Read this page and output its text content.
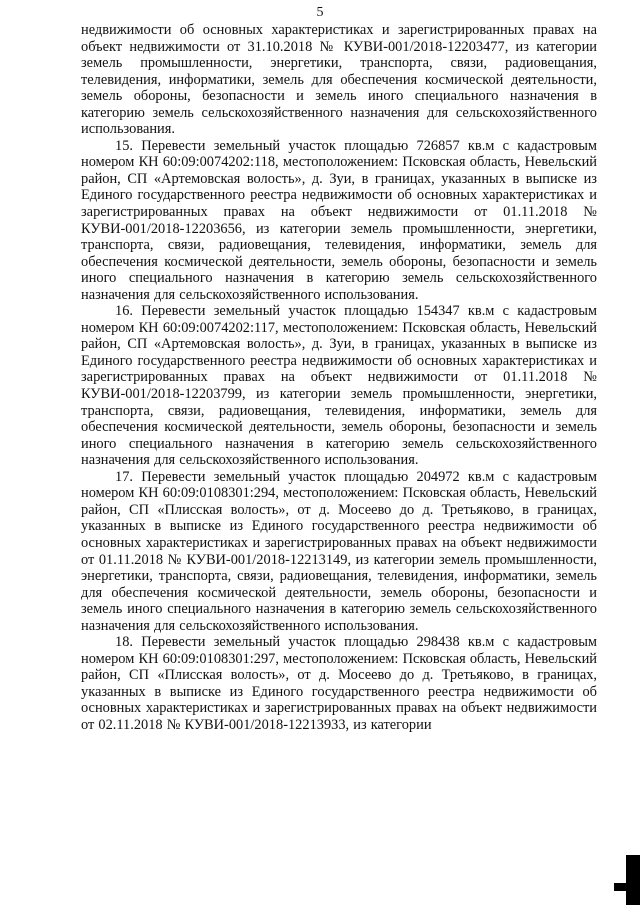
5

недвижимости об основных характеристиках и зарегистрированных правах на объект недвижимости от 31.10.2018 № КУВИ-001/2018-12203477, из категории земель промышленности, энергетики, транспорта, связи, радиовещания, телевидения, информатики, земель для обеспечения космической деятельности, земель обороны, безопасности и земель иного специального назначения в категорию земель сельскохозяйственного назначения для сельскохозяйственного использования.

15. Перевести земельный участок площадью 726857 кв.м с кадастровым номером КН 60:09:0074202:118, местоположением: Псковская область, Невельский район, СП «Артемовская волость», д. Зуи, в границах, указанных в выписке из Единого государственного реестра недвижимости об основных характеристиках и зарегистрированных правах на объект недвижимости от 01.11.2018 № КУВИ-001/2018-12203656, из категории земель промышленности, энергетики, транспорта, связи, радиовещания, телевидения, информатики, земель для обеспечения космической деятельности, земель обороны, безопасности и земель иного специального назначения в категорию земель сельскохозяйственного назначения для сельскохозяйственного использования.

16. Перевести земельный участок площадью 154347 кв.м с кадастровым номером КН 60:09:0074202:117, местоположением: Псковская область, Невельский район, СП «Артемовская волость», д. Зуи, в границах, указанных в выписке из Единого государственного реестра недвижимости об основных характеристиках и зарегистрированных правах на объект недвижимости от 01.11.2018 № КУВИ-001/2018-12203799, из категории земель промышленности, энергетики, транспорта, связи, радиовещания, телевидения, информатики, земель для обеспечения космической деятельности, земель обороны, безопасности и земель иного специального назначения в категорию земель сельскохозяйственного назначения для сельскохозяйственного использования.

17. Перевести земельный участок площадью 204972 кв.м с кадастровым номером КН 60:09:0108301:294, местоположением: Псковская область, Невельский район, СП «Плисская волость», от д. Мосеево до д. Третьяково, в границах, указанных в выписке из Единого государственного реестра недвижимости об основных характеристиках и зарегистрированных правах на объект недвижимости от 01.11.2018 № КУВИ-001/2018-12213149, из категории земель промышленности, энергетики, транспорта, связи, радиовещания, телевидения, информатики, земель для обеспечения космической деятельности, земель обороны, безопасности и земель иного специального назначения в категорию земель сельскохозяйственного назначения для сельскохозяйственного использования.

18. Перевести земельный участок площадью 298438 кв.м с кадастровым номером КН 60:09:0108301:297, местоположением: Псковская область, Невельский район, СП «Плисская волость», от д. Мосеево до д. Третьяково, в границах, указанных в выписке из Единого государственного реестра недвижимости об основных характеристиках и зарегистрированных правах на объект недвижимости от 02.11.2018 № КУВИ-001/2018-12213933, из категории
